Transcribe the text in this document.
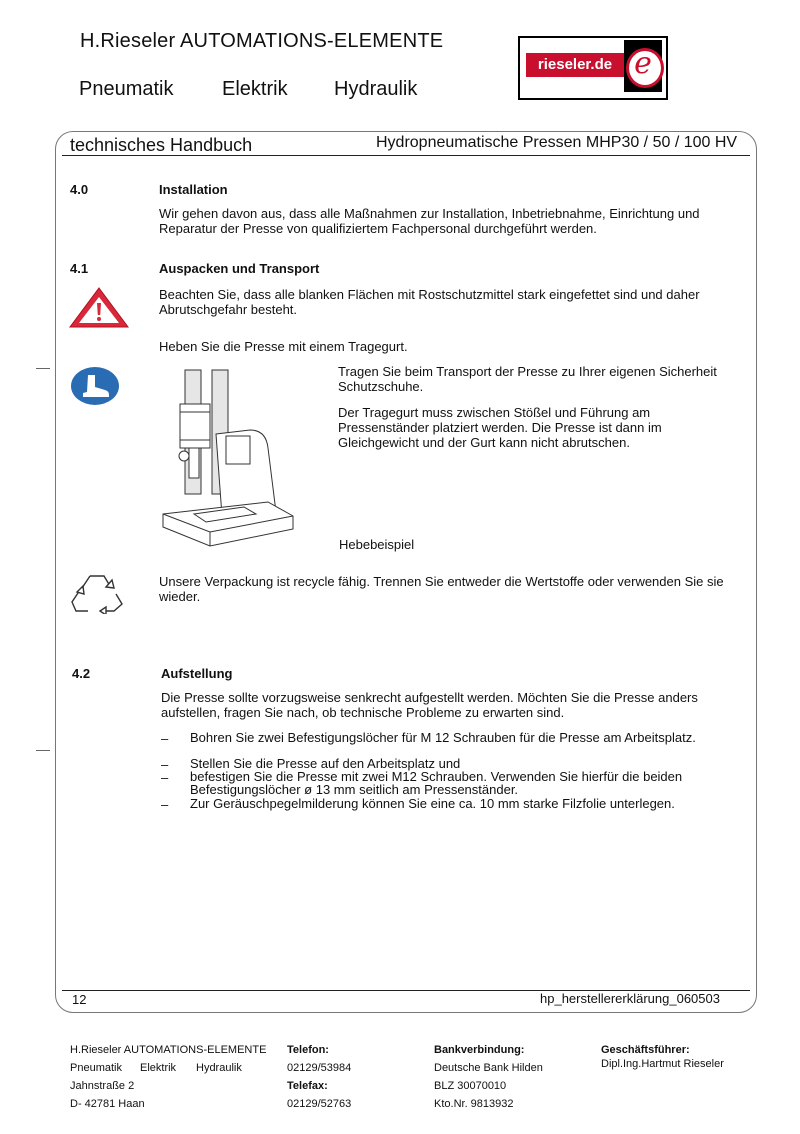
H.Rieseler AUTOMATIONS-ELEMENTE
Pneumatik Elektrik Hydraulik
rieseler.de e
technisches Handbuch	Hydropneumatische Pressen MHP30 / 50 / 100 HV
4.0	Installation
Wir gehen davon aus, dass alle Maßnahmen zur Installation, Inbetriebnahme, Einrichtung und Reparatur der Presse von qualifiziertem Fachpersonal durchgeführt werden.
4.1	Auspacken und Transport
Beachten Sie, dass alle blanken Flächen mit Rostschutzmittel stark eingefettet sind und daher Abrutschgefahr besteht.
Heben Sie die Presse mit einem Tragegurt.
Tragen Sie beim Transport der Presse zu Ihrer eigenen Sicherheit Schutzschuhe.
Der Tragegurt muss zwischen Stößel und Führung am Pressenständer platziert werden. Die Presse ist dann im Gleichgewicht und der Gurt kann nicht abrutschen.
Hebebeispiel
Unsere Verpackung ist recycle fähig. Trennen Sie entweder die Wertstoffe oder verwenden Sie sie wieder.
4.2	Aufstellung
Die Presse sollte vorzugsweise senkrecht aufgestellt werden. Möchten Sie die Presse anders aufstellen, fragen Sie nach, ob technische Probleme zu erwarten sind.
– Bohren Sie zwei Befestigungslöcher für M 12 Schrauben für die Presse am Arbeitsplatz.
– Stellen Sie die Presse auf den Arbeitsplatz und
– befestigen Sie die Presse mit zwei M12 Schrauben. Verwenden Sie hierfür die beiden Befestigungslöcher ø 13 mm seitlich am Pressenständer.
– Zur Geräuschpegelmilderung können Sie eine ca. 10 mm starke Filzfolie unterlegen.
12	hp_herstellererklärung_060503
H.Rieseler AUTOMATIONS-ELEMENTE
Pneumatik Elektrik Hydraulik
Jahnstraße 2
D- 42781 Haan
Telefon:
02129/53984
Telefax:
02129/52763
Bankverbindung:
Deutsche Bank Hilden
BLZ 30070010
Kto.Nr. 9813932
Geschäftsführer:
Dipl.Ing.Hartmut Rieseler
